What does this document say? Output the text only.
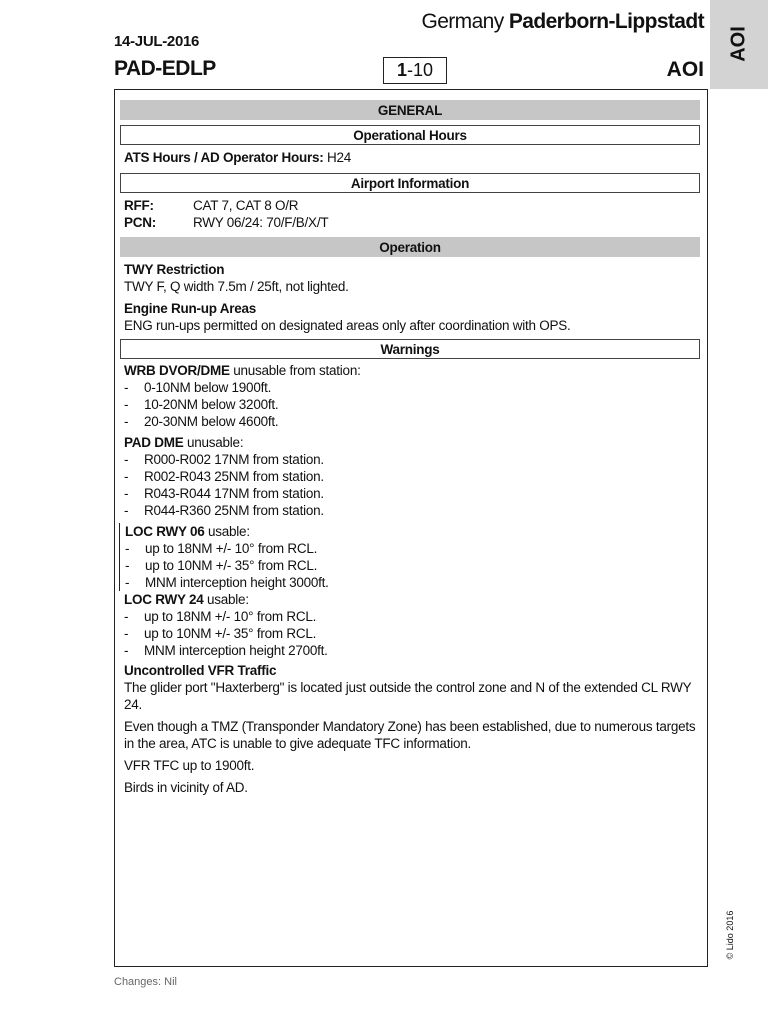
14-JUL-2016
PAD-EDLP
Germany Paderborn-Lippstadt
1 -10	AOI
AOI
© Lido 2016
GENERAL
Operational Hours
ATS Hours / AD Operator Hours: H24
Airport Information
RFF:	CAT 7, CAT 8 O/R
PCN:	RWY 06/24: 70/F/B/X/T
Operation
TWY Restriction
TWY F, Q width 7.5m / 25ft, not lighted.
Engine Run-up Areas
ENG run-ups permitted on designated areas only after coordination with OPS.
Warnings
WRB DVOR/DME unusable from station:
-	0-10NM below 1900ft.
-	10-20NM below 3200ft.
-	20-30NM below 4600ft.
PAD DME unusable:
-	R000-R002 17NM from station.
-	R002-R043 25NM from station.
-	R043-R044 17NM from station.
-	R044-R360 25NM from station.
LOC RWY 06 usable:
-	up to 18NM +/- 10° from RCL.
-	up to 10NM +/- 35° from RCL.
-	MNM interception height 3000ft.
LOC RWY 24 usable:
-	up to 18NM +/- 10° from RCL.
-	up to 10NM +/- 35° from RCL.
-	MNM interception height 2700ft.
Uncontrolled VFR Traffic
The glider port "Haxterberg" is located just outside the control zone and N of the extended CL RWY 24.
Even though a TMZ (Transponder Mandatory Zone) has been established, due to numerous targets in the area, ATC is unable to give adequate TFC information.
VFR TFC up to 1900ft.
Birds in vicinity of AD.
Changes: Nil
